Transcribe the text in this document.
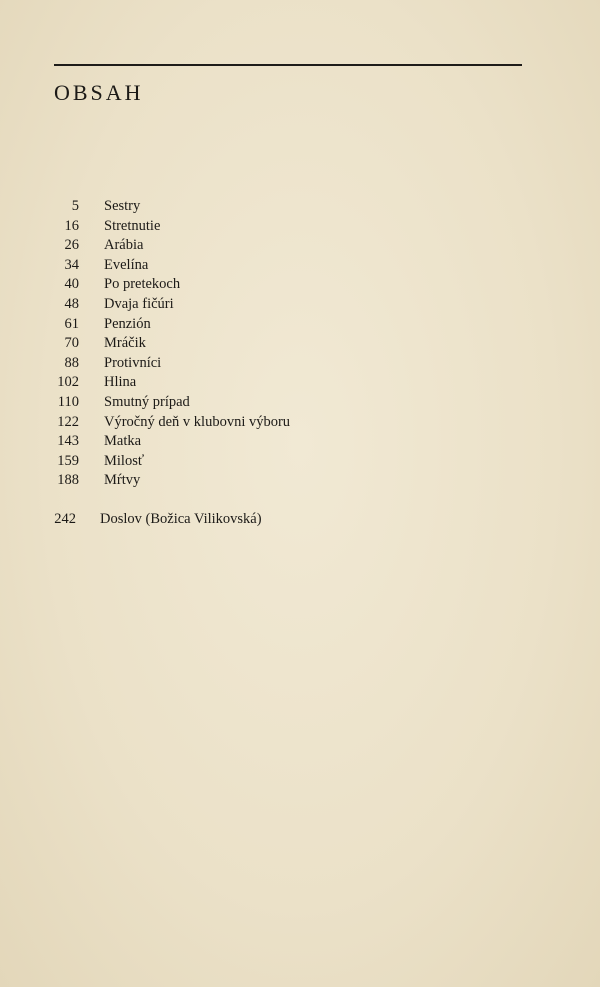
OBSAH
5 Sestry
16 Stretnutie
26 Arábia
34 Evelína
40 Po pretekoch
48 Dvaja fičúri
61 Penzión
70 Mráčik
88 Protivníci
102 Hlina
110 Smutný prípad
122 Výročný deň v klubovni výboru
143 Matka
159 Milosť
188 Mŕtvy
242 Doslov (Božica Vilikovská)
